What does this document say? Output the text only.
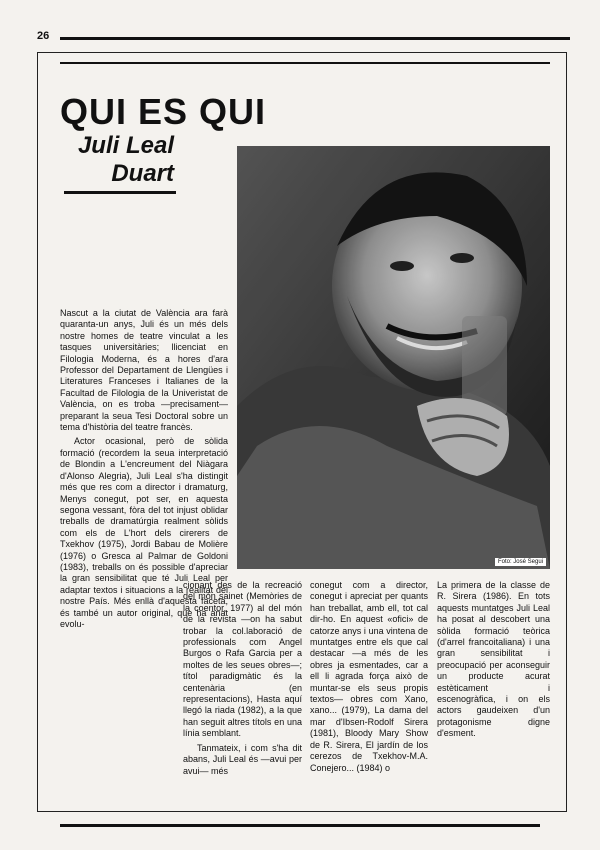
26
QUI ES QUI
Juli Leal
Duart
Foto: José Segui

Nascut a la ciutat de València ara farà quaranta-un anys, Juli és un més dels nostre homes de teatre vinculat a les tasques universitàries; llicenciat en Filologia Moderna, és a hores d'ara Professor del Departament de Llengües i Literatures Franceses i Italianes de la Facultad de Filologia de la Univeristat de València, on es troba —precisament— preparant la seua Tesi Doctoral sobre un tema d'història del teatre francès.

Actor ocasional, però de sòlida formació (recordem la seua interpretació de Blondin a L'encreument del Niàgara d'Alonso Alegria), Juli Leal s'ha distingit més que res com a director i dramaturg, Menys conegut, pot ser, en aquesta segona vessant, fòra del tot injust oblidar treballs de dramatúrgia realment sòlids com els de L'hort dels cirerers de Txekhov (1975), Jordi Babau de Molière (1976) o Gresca al Palmar de Goldoni (1983), treballs on és possible d'apreciar la gran sensibilitat que té Juli Leal per adaptar textos i situacions a la realitat del nostre País. Més enllà d'aquesta faceta, és també un autor original, que ha anat evolu-

cionant des de la recreació del món sainet (Memòries de la coentor, 1977) al del món de la revista —on ha sabut trobar la col.laboració de professionals com Angel Burgos o Rafa Garcia per a moltes de les seues obres—; títol paradigmàtic és la centenària (en representacions), Hasta aquí llegó la riada (1982), a la que han seguit altres títols en una línia semblant.

Tanmateix, i com s'ha dit abans, Juli Leal és —avui per avui— més

conegut com a director, conegut i apreciat per quants han treballat, amb ell, tot cal dir-ho. En aquest «ofici» de catorze anys i una vintena de muntatges entre els que cal destacar —a més de les obres ja esmentades, car a ell li agrada força això de muntar-se els seus propis textos— obres com Xano, xano... (1979), La dama del mar d'Ibsen-Rodolf Sirera (1981), Bloody Mary Show de R. Sirera, El jardín de los cerezos de Txekhov-M.A. Conejero... (1984) o

La primera de la classe de R. Sirera (1986). En tots aquests muntatges Juli Leal ha posat al descobert una sòlida formació teòrica (d'arrel francoitaliana) i una gran sensibilitat i preocupació per aconseguir un producte acurat estèticament i escenogràfica, i on els actors gaudeixen d'un protagonisme digne d'esment.
